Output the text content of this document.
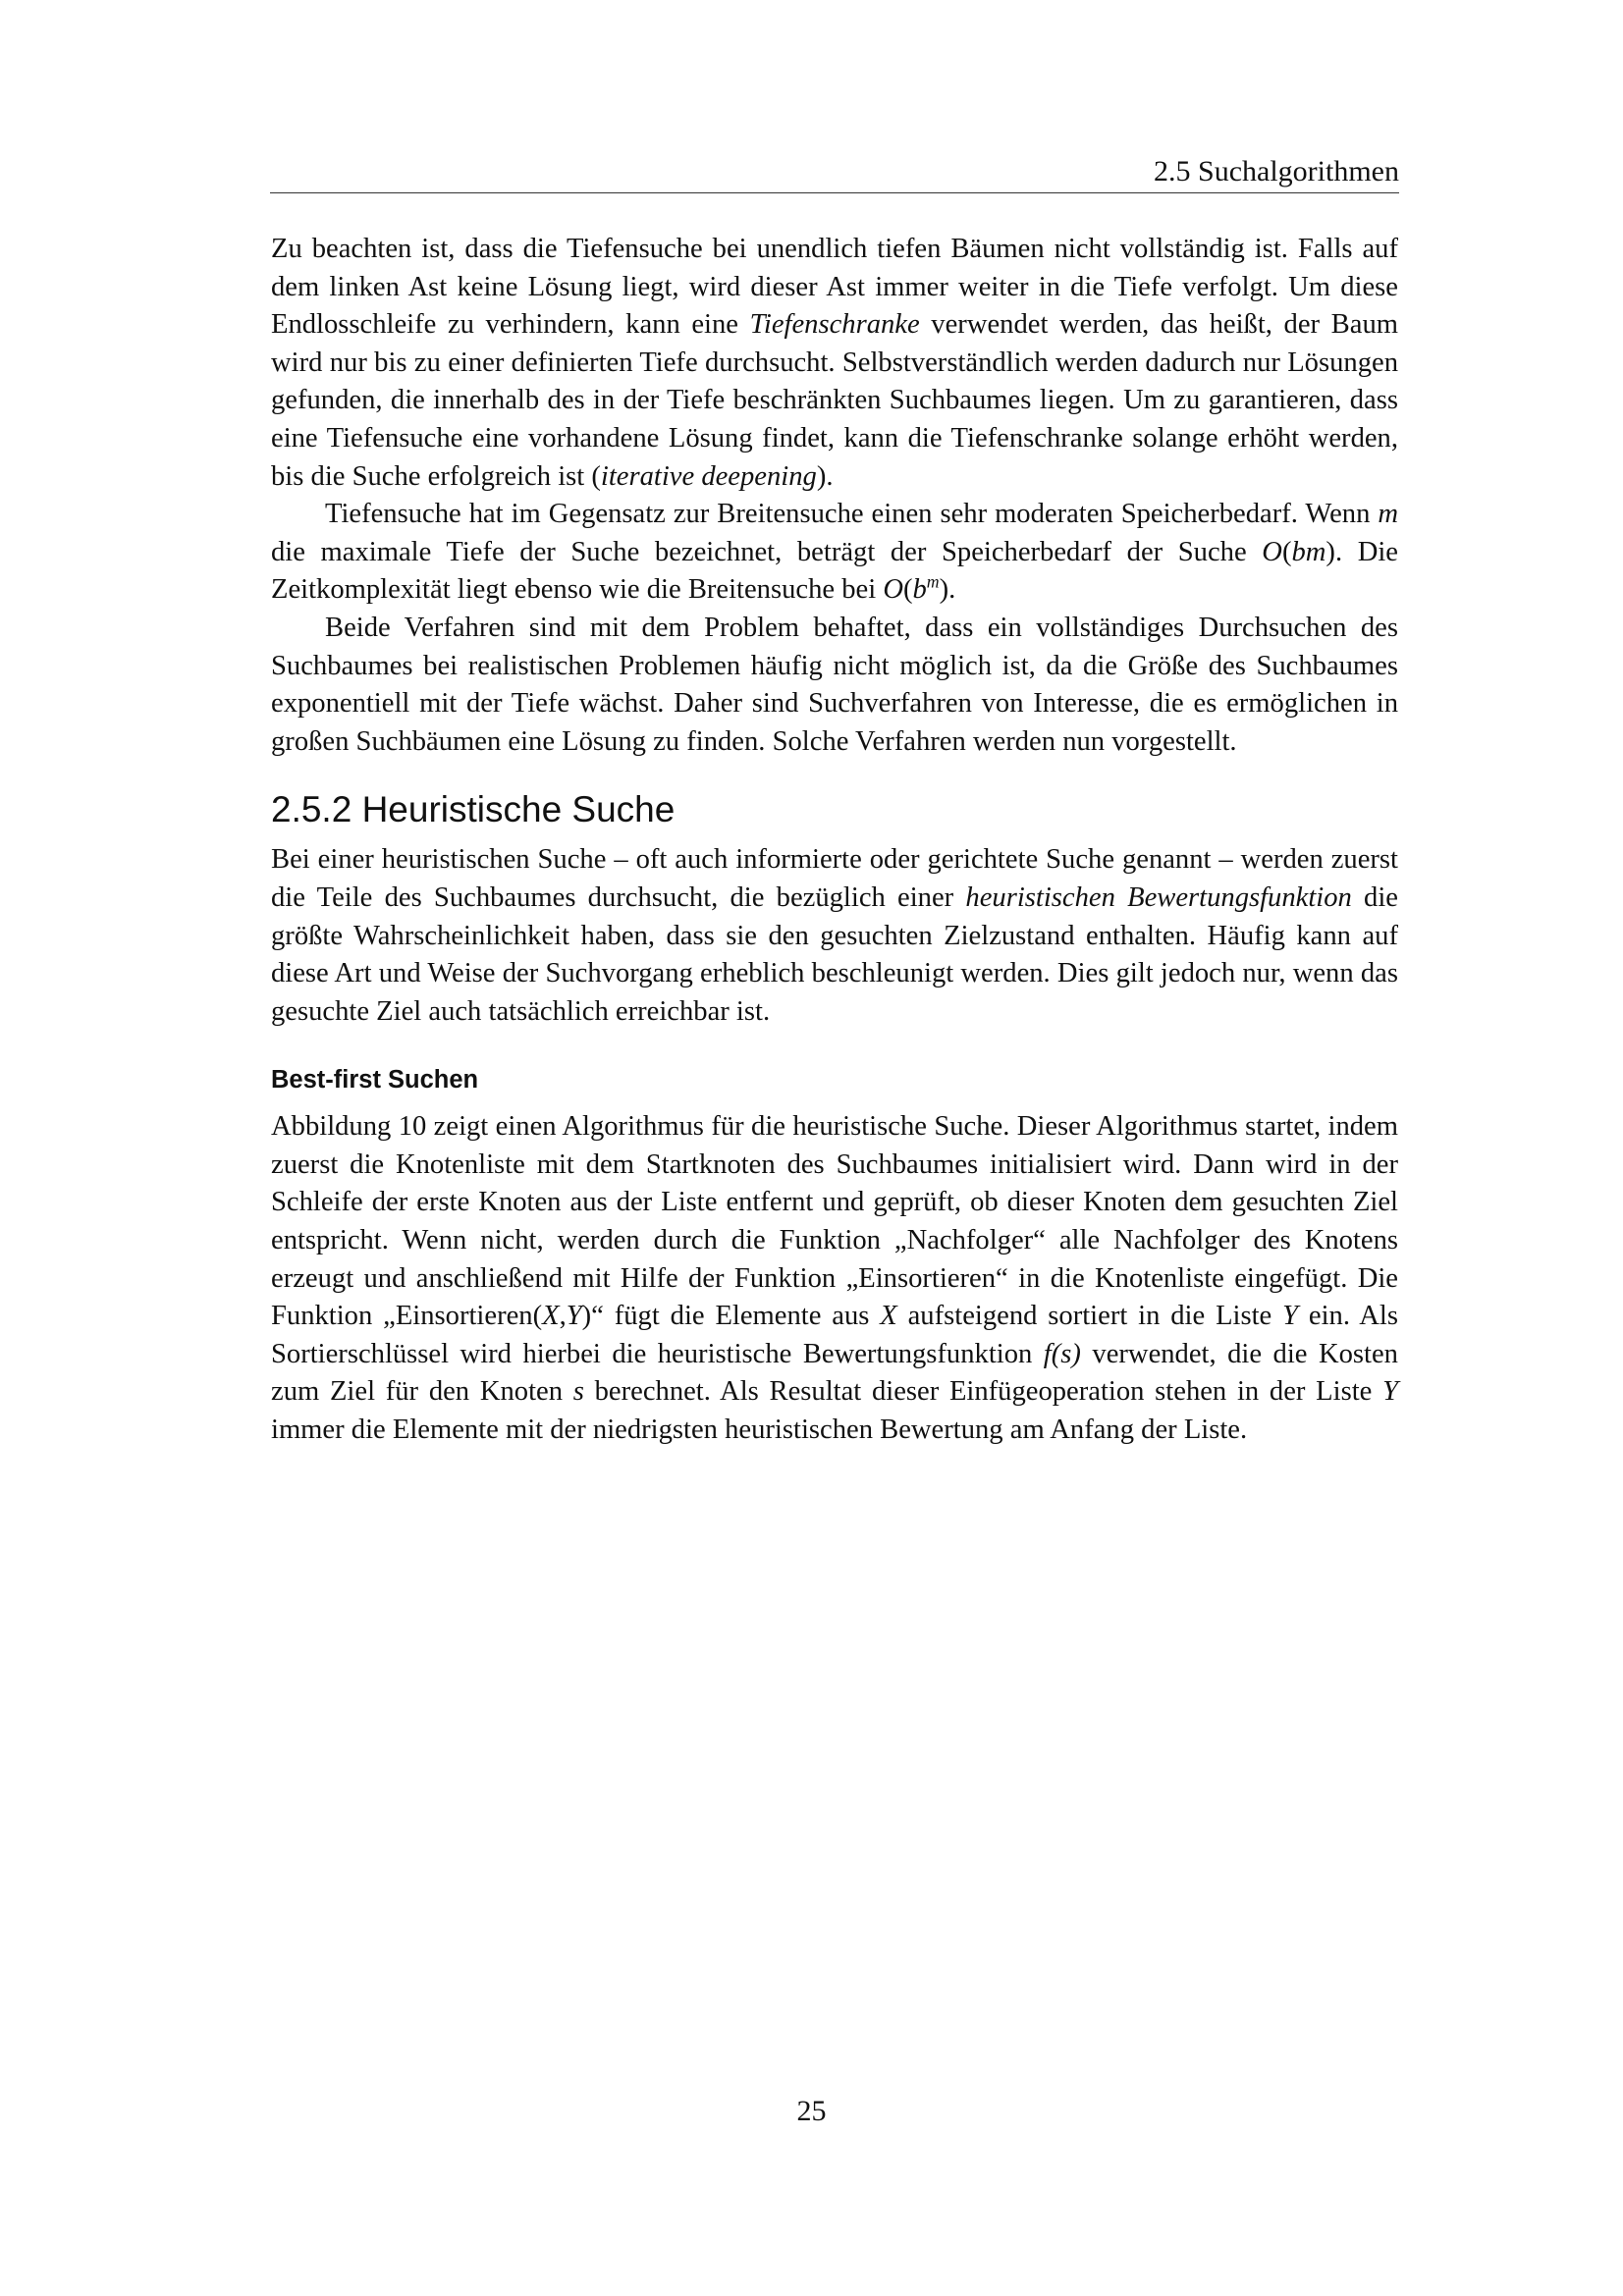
2.5 Suchalgorithmen

Zu beachten ist, dass die Tiefensuche bei unendlich tiefen Bäumen nicht vollständig ist. Falls auf dem linken Ast keine Lösung liegt, wird dieser Ast immer weiter in die Tiefe verfolgt. Um diese Endlosschleife zu verhindern, kann eine Tiefenschranke verwendet werden, das heißt, der Baum wird nur bis zu einer definierten Tiefe durchsucht. Selbstverständlich werden dadurch nur Lösungen gefunden, die innerhalb des in der Tiefe beschränkten Suchbaumes liegen. Um zu garantieren, dass eine Tiefensuche eine vorhandene Lösung findet, kann die Tiefenschranke solange erhöht werden, bis die Suche erfolgreich ist (iterative deepening).

Tiefensuche hat im Gegensatz zur Breitensuche einen sehr moderaten Speicherbedarf. Wenn m die maximale Tiefe der Suche bezeichnet, beträgt der Speicherbedarf der Suche O(bm). Die Zeitkomplexität liegt ebenso wie die Breitensuche bei $O(b^m)$.

Beide Verfahren sind mit dem Problem behaftet, dass ein vollständiges Durchsuchen des Suchbaumes bei realistischen Problemen häufig nicht möglich ist, da die Größe des Suchbaumes exponentiell mit der Tiefe wächst. Daher sind Suchverfahren von Interesse, die es ermöglichen in großen Suchbäumen eine Lösung zu finden. Solche Verfahren werden nun vorgestellt.

2.5.2 Heuristische Suche

Bei einer heuristischen Suche – oft auch informierte oder gerichtete Suche genannt – werden zuerst die Teile des Suchbaumes durchsucht, die bezüglich einer heuristischen Bewertungsfunktion die größte Wahrscheinlichkeit haben, dass sie den gesuchten Zielzustand enthalten. Häufig kann auf diese Art und Weise der Suchvorgang erheblich beschleunigt werden. Dies gilt jedoch nur, wenn das gesuchte Ziel auch tatsächlich erreichbar ist.

Best-first Suchen

Abbildung 10 zeigt einen Algorithmus für die heuristische Suche. Dieser Algorithmus startet, indem zuerst die Knotenliste mit dem Startknoten des Suchbaumes initialisiert wird. Dann wird in der Schleife der erste Knoten aus der Liste entfernt und geprüft, ob dieser Knoten dem gesuchten Ziel entspricht. Wenn nicht, werden durch die Funktion „Nachfolger“ alle Nachfolger des Knotens erzeugt und anschließend mit Hilfe der Funktion „Einsortieren“ in die Knotenliste eingefügt. Die Funktion „Einsortieren(X,Y)“ fügt die Elemente aus X aufsteigend sortiert in die Liste Y ein. Als Sortierschlüssel wird hierbei die heuristische Bewertungsfunktion f(s) verwendet, die die Kosten zum Ziel für den Knoten s berechnet. Als Resultat dieser Einfügeoperation stehen in der Liste Y immer die Elemente mit der niedrigsten heuristischen Bewertung am Anfang der Liste.

25
